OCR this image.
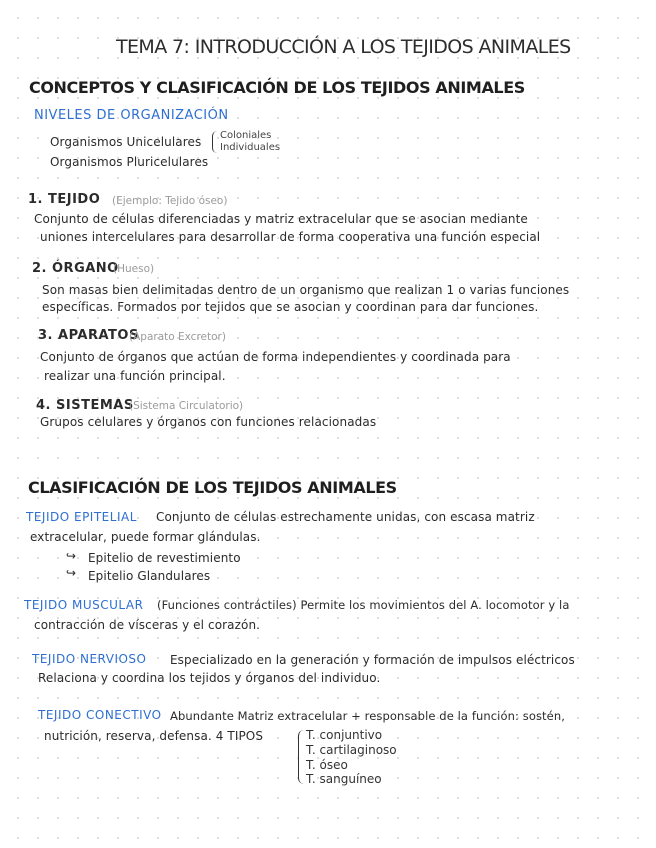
TEMA 7: INTRODUCCIÓN A LOS TEJIDOS ANIMALES
CONCEPTOS Y CLASIFICACIÓN DE LOS TEJIDOS ANIMALES
NIVELES DE ORGANIZACIÓN
Organismos Unicelulares Coloniales
Individuales
Organismos Pluricelulares
1. TEJIDO (Ejemplo: Tejido óseo)
Conjunto de células diferenciadas y matriz extracelular que se asocian mediante
uniones intercelulares para desarrollar de forma cooperativa una función especial
2. ÓRGANO
(Hueso)
Son masas bien delimitadas dentro de un organismo que realizan 1 o varias funciones
específicas. Formados por tejidos que se asocian y coordinan para dar funciones.
3. APARATOS
(Aparato Excretor)
Conjunto de órganos que actúan de forma independientes y coordinada para
realizar una función principal.
4. SISTEMAS
(Sistema Circulatorio)
Grupos celulares y órganos con funciones relacionadas
CLASIFICACIÓN DE LOS TEJIDOS ANIMALES
TEJIDO EPITELIAL Conjunto de células estrechamente unidas, con escasa matriz
extracelular, puede formar glándulas.
↪ Epitelio de revestimiento
↪ Epitelio Glandulares
TEJIDO MUSCULAR (Funciones contráctiles) Permite los movimientos del A. locomotor y la
contracción de vísceras y el corazón.
TEJIDO NERVIOSO Especializado en la generación y formación de impulsos eléctricos
Relaciona y coordina los tejidos y órganos del individuo.
TEJIDO CONECTIVO Abundante Matriz extracelular + responsable de la función: sostén,
nutrición, reserva, defensa. 4 TIPOS	T. conjuntivo
T. cartilaginoso
T. óseo
T. sanguíneo
